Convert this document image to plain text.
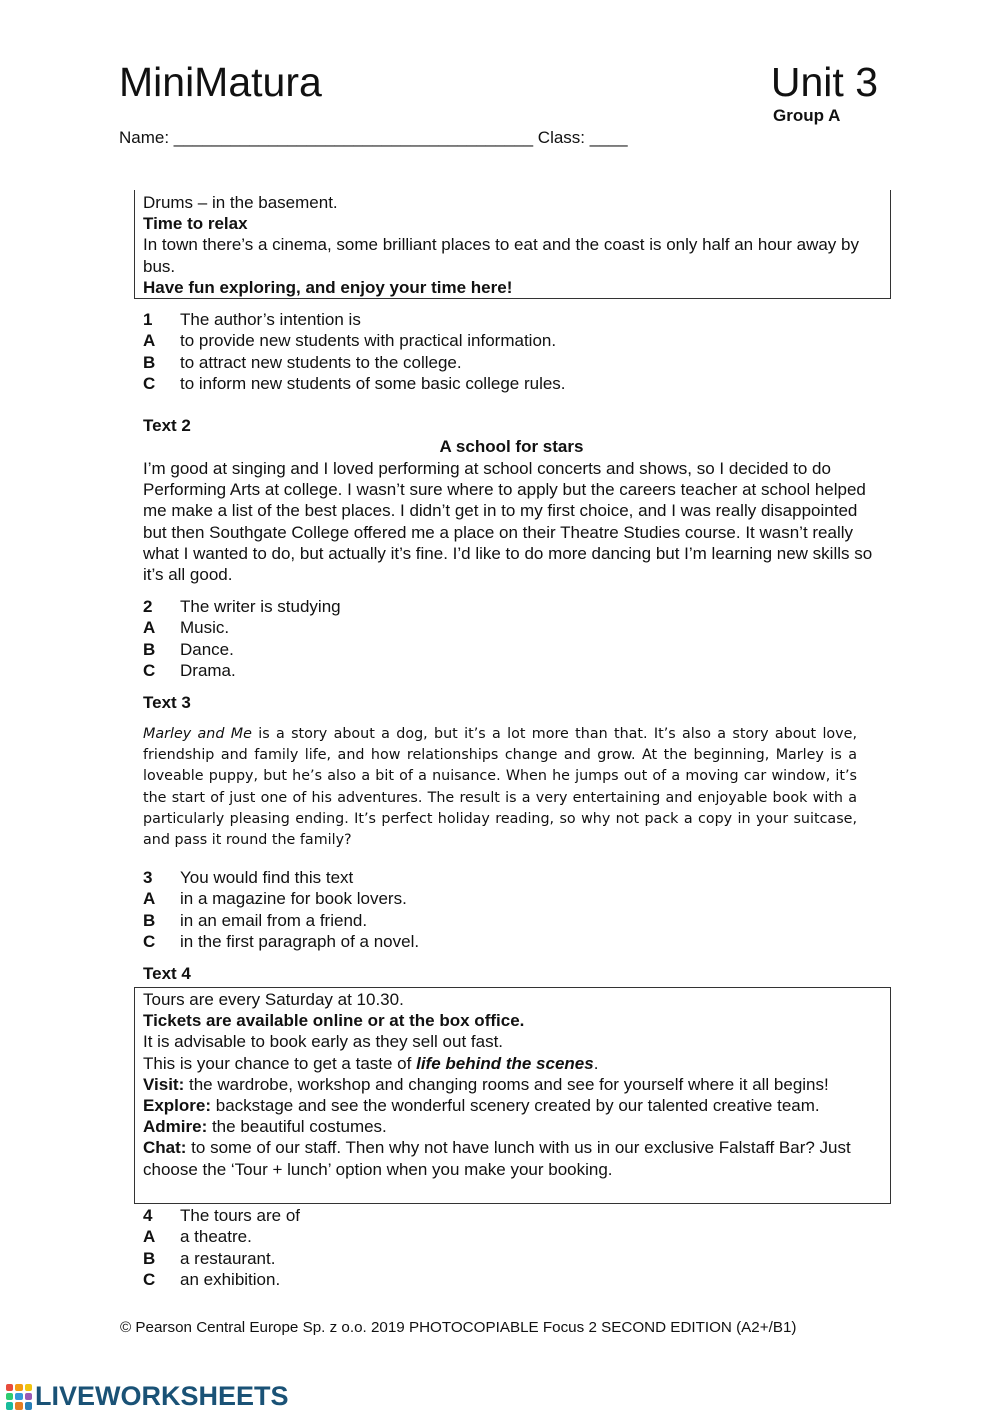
MiniMatura	Unit 3
Group A
Name: ______________________________________ Class: ____

Drums – in the basement.

Time to relax

In town there’s a cinema, some brilliant places to eat and the coast is only half an hour away by bus.

Have fun exploring, and enjoy your time here!

1	The author’s intention is
A	to provide new students with practical information.
B	to attract new students to the college.
C	to inform new students of some basic college rules.
Text 2
A school for stars
I’m good at singing and I loved performing at school concerts and shows, so I decided to do Performing Arts at college. I wasn’t sure where to apply but the careers teacher at school helped me make a list of the best places. I didn’t get in to my first choice, and I was really disappointed but then Southgate College offered me a place on their Theatre Studies course. It wasn’t really what I wanted to do, but actually it’s fine. I’d like to do more dancing but I’m learning new skills so it’s all good.
2	The writer is studying
A	Music.
B	Dance.
C	Drama.
Text 3
Marley and Me is a story about a dog, but it’s a lot more than that. It’s also a story about love, friendship and family life, and how relationships change and grow. At the beginning, Marley is a loveable puppy, but he’s also a bit of a nuisance. When he jumps out of a moving car window, it’s the start of just one of his adventures. The result is a very entertaining and enjoyable book with a particularly pleasing ending. It’s perfect holiday reading, so why not pack a copy in your suitcase, and pass it round the family?
3	You would find this text
A	in a magazine for book lovers.
B	in an email from a friend.
C	in the first paragraph of a novel.
Text 4

Tours are every Saturday at 10.30.

Tickets are available online or at the box office.

It is advisable to book early as they sell out fast.

This is your chance to get a taste of life behind the scenes.

Visit: the wardrobe, workshop and changing rooms and see for yourself where it all begins!

Explore: backstage and see the wonderful scenery created by our talented creative team.

Admire: the beautiful costumes.

Chat: to some of our staff. Then why not have lunch with us in our exclusive Falstaff Bar? Just choose the ‘Tour + lunch’ option when you make your booking.

4	The tours are of
A	a theatre.
B	a restaurant.
C	an exhibition.
© Pearson Central Europe Sp. z o.o. 2019 PHOTOCOPIABLE Focus 2 SECOND EDITION (A2+/B1)
LIVEWORKSHEETS
